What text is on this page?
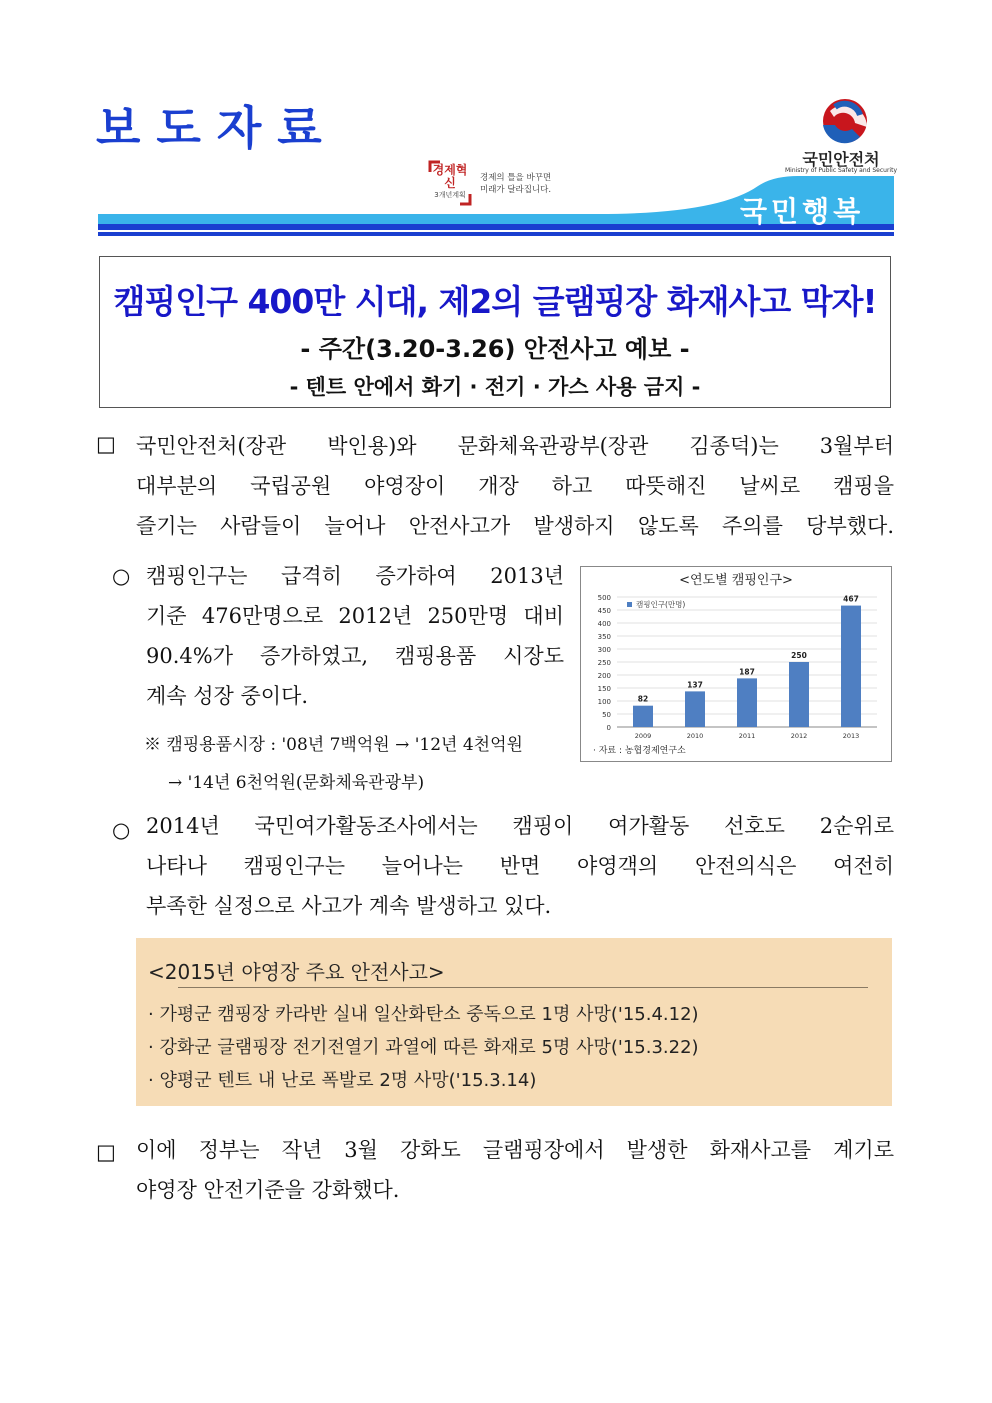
보도자료
국민안전처
Ministry of Public Safety and Security
국민행복
경제혁신
3개년계획
경제의 틀을 바꾸면
미래가 달라집니다.
캠핑인구 400만 시대, 제2의 글램핑장 화재사고 막자!
- 주간(3.20-3.26) 안전사고 예보 -
- 텐트 안에서 화기 · 전기 · 가스 사용 금지 -
□ 국민안전처(장관 박인용)와 문화체육관광부(장관 김종덕)는 3월부터
대부분의 국립공원 야영장이 개장 하고 따뜻해진 날씨로 캠핑을
즐기는 사람들이 늘어나 안전사고가 발생하지 않도록 주의를 당부했다.
○ 캠핑인구는 급격히 증가하여 2013년
기준 476만명으로 2012년 250만명 대비
90.4%가 증가하였고, 캠핑용품 시장도
계속 성장 중이다.
※ 캠핑용품시장 : '08년 7백억원 → '12년 4천억원
→ '14년 6천억원(문화체육관광부)
<연도별 캠핑인구>
0
50
100
150
200
250
300
350
400
450
500
82
2009
137
2010
187
2011
250
2012
467
2013
캠핑인구(만명)
· 자료 : 농협경제연구소
○ 2014년 국민여가활동조사에서는 캠핑이 여가활동 선호도 2순위로
나타나 캠핑인구는 늘어나는 반면 야영객의 안전의식은 여전히
부족한 실정으로 사고가 계속 발생하고 있다.
<2015년 야영장 주요 안전사고>
· 가평군 캠핑장 카라반 실내 일산화탄소 중독으로 1명 사망('15.4.12)
· 강화군 글램핑장 전기전열기 과열에 따른 화재로 5명 사망('15.3.22)
· 양평군 텐트 내 난로 폭발로 2명 사망('15.3.14)
□ 이에 정부는 작년 3월 강화도 글램핑장에서 발생한 화재사고를 계기로
야영장 안전기준을 강화했다.
